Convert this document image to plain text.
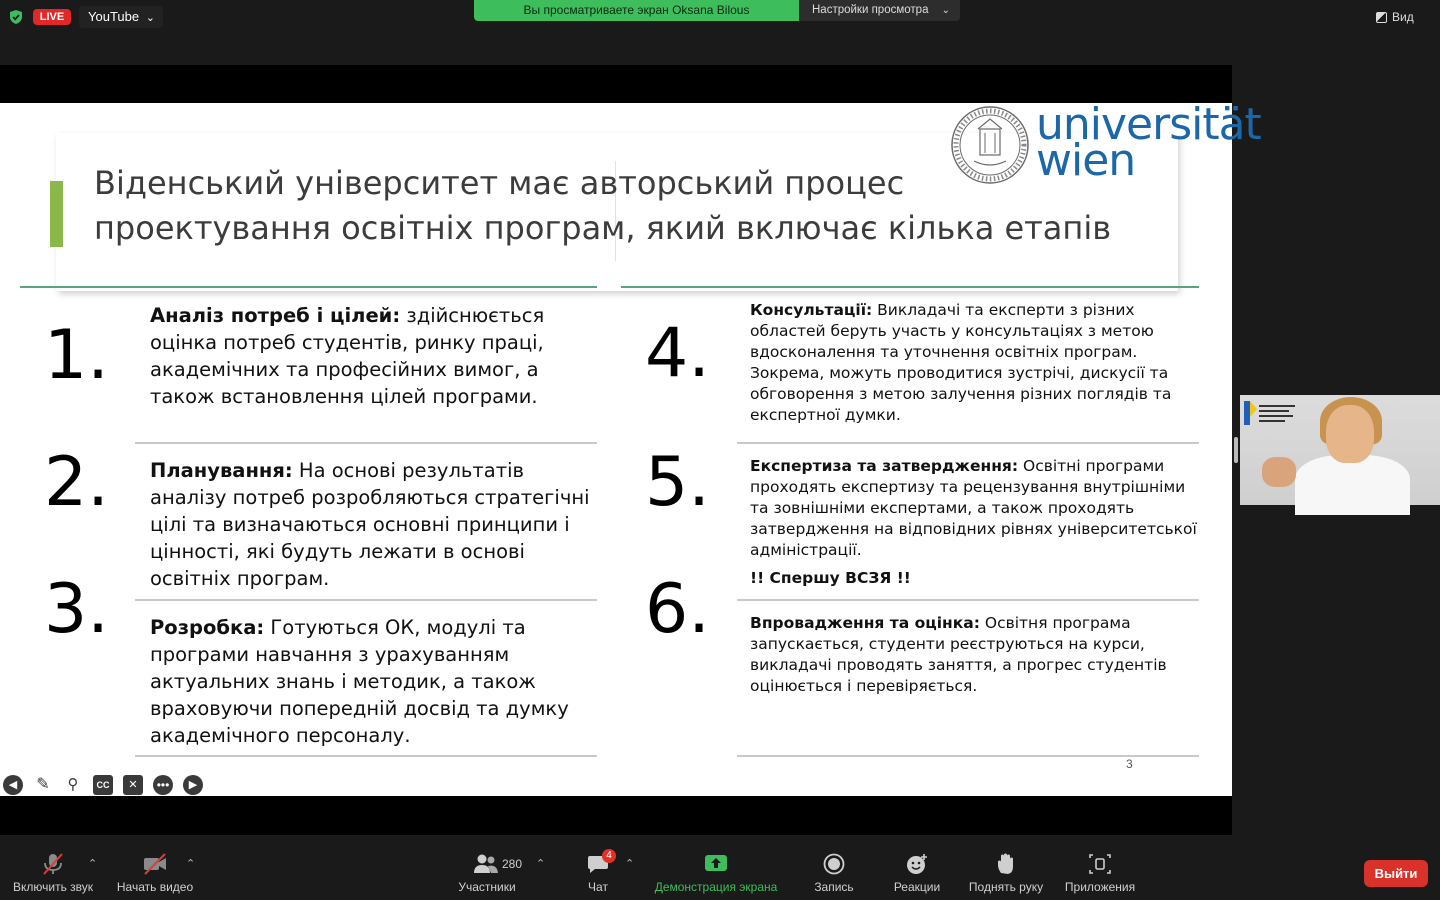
LIVE	YouTube ⌄
Вы просматриваете экран Oksana Bilous	Настройки просмотра ⌄	Вид
Віденський університет має авторський процес
проектування освітніх програм, який включає кілька етапів
universität
wien
1.
Аналіз потреб і цілей: здійснюється оцінка потреб студентів, ринку праці, академічних та професійних вимог, а також встановлення цілей програми.
2. Планування: На основі результатів аналізу потреб розробляються стратегічні цілі та визначаються основні принципи і цінності, які будуть лежати в основі освітніх програм.
3. Розробка: Готуються ОК, модулі та програми навчання з урахуванням актуальних знань і методик, а також враховуючи попередній досвід та думку академічного персоналу.
4.
Консультації: Викладачі та експерти з різних областей беруть участь у консультаціях з метою вдосконалення та уточнення освітніх програм. Зокрема, можуть проводитися зустрічі, дискусії та обговорення з метою залучення різних поглядів та експертної думки.
5.	Експертиза та затвердження: Освітні програми проходять експертизу та рецензування внутрішніми та зовнішніми експертами, а також проходять затвердження на відповідних рівнях університетської адміністрації.
!! Спершу ВСЗЯ !!
6.	Впровадження та оцінка: Освітня програма запускається, студенти реєструються на курси, викладачі проводять заняття, а прогрес студентів оцінюється і перевіряється.
3
◀	✎	⚲	CC	✕	•••	▶
Включить звук
⌃
Начать видео
⌃	280
Участники
⌃
4
Чат
⌃
Демонстрация экрана	Запись	Реакции	Поднять руку	Приложения
Выйти
